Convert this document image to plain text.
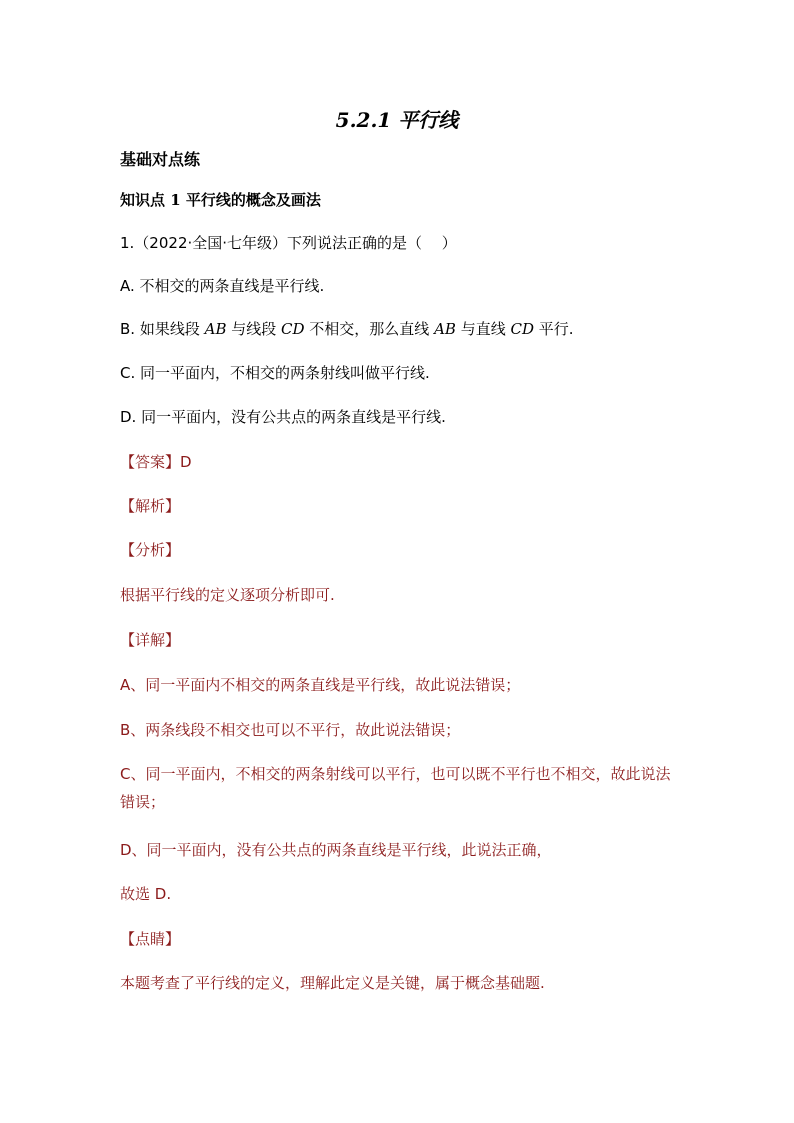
5.2.1 平行线
基础对点练
知识点 1 平行线的概念及画法
1.（2022·全国·七年级）下列说法正确的是（　 ）
A. 不相交的两条直线是平行线.
B. 如果线段 AB 与线段 CD 不相交，那么直线 AB 与直线 CD 平行.
C. 同一平面内，不相交的两条射线叫做平行线.
D. 同一平面内，没有公共点的两条直线是平行线.
【答案】D
【解析】
【分析】
根据平行线的定义逐项分析即可.
【详解】
A、同一平面内不相交的两条直线是平行线，故此说法错误；
B、两条线段不相交也可以不平行，故此说法错误；
C、同一平面内，不相交的两条射线可以平行，也可以既不平行也不相交，故此说法错误；
D、同一平面内，没有公共点的两条直线是平行线，此说法正确，
故选 D.
【点睛】
本题考查了平行线的定义，理解此定义是关键，属于概念基础题.
